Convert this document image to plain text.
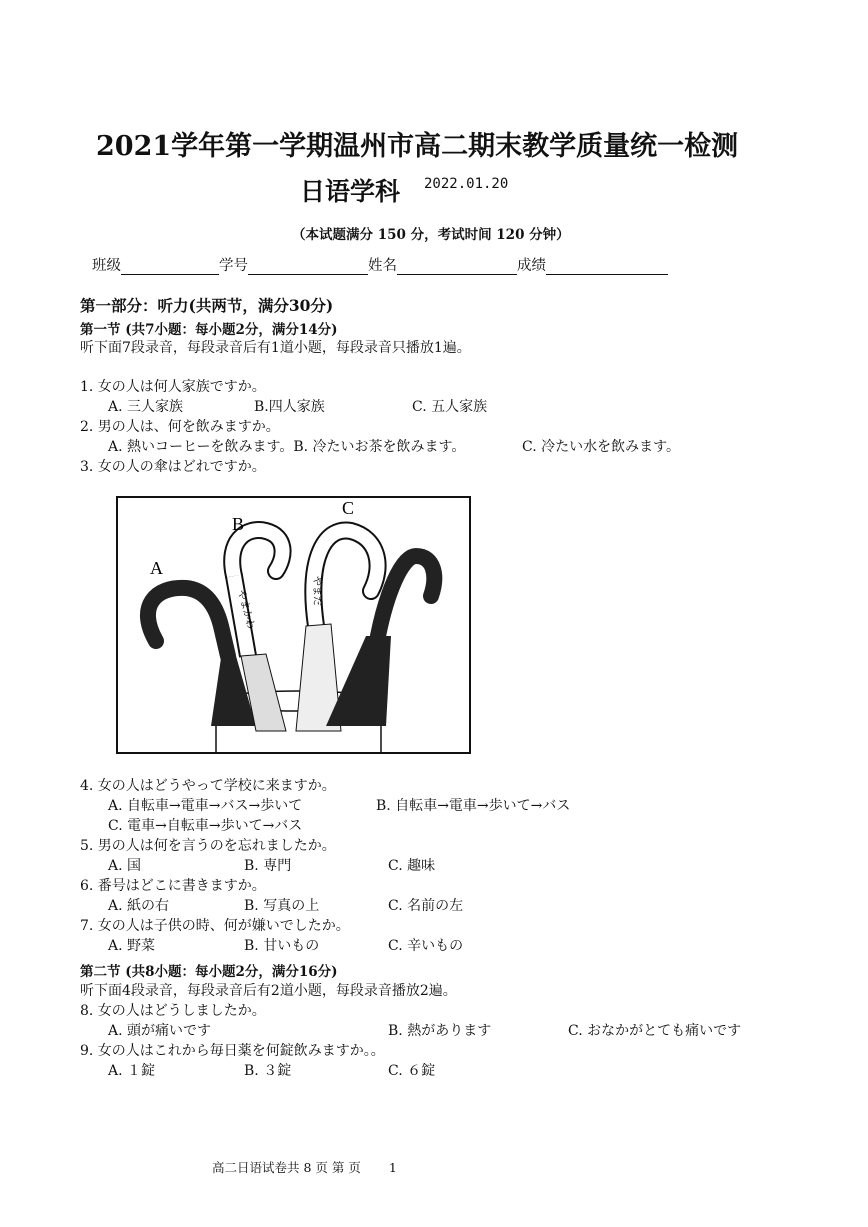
2021学年第一学期温州市高二期末教学质量统一检测
日语学科 2022.01.20
（本试题满分 150 分，考试时间 120 分钟）
班级	学号	姓名	成绩
第一部分：听力(共两节，满分30分)
第一节 (共7小题：每小题2分，满分14分)
听下面7段录音，每段录音后有1道小题，每段录音只播放1遍。
1. 女の人は何人家族ですか。
A. 三人家族	B.四人家族	C. 五人家族
2. 男の人は、何を飲みますか。
A. 熱いコーヒーを飲みます。B. 冷たいお茶を飲みます。	C. 冷たい水を飲みます。
3. 女の人の傘はどれですか。
A
B
C
やまかわ	やまだ
4. 女の人はどうやって学校に来ますか。
A. 自転車→電車→バス→歩いて	B. 自転車→電車→歩いて→バス
C. 電車→自転車→歩いて→バス
5. 男の人は何を言うのを忘れましたか。
A. 国	B. 専門	C. 趣味
6. 番号はどこに書きますか。
A. 紙の右	B. 写真の上	C. 名前の左
7. 女の人は子供の時、何が嫌いでしたか。
A. 野菜	B. 甘いもの	C. 辛いもの
第二节 (共8小题：每小题2分，满分16分)
听下面4段录音，每段录音后有2道小题，每段录音播放2遍。
8. 女の人はどうしましたか。
A. 頭が痛いです	B. 熱があります	C. おなかがとても痛いです
9. 女の人はこれから毎日薬を何錠飲みますか。。
A. １錠	B. ３錠	C. ６錠
高二日语试卷共 8 页 第 页 1
